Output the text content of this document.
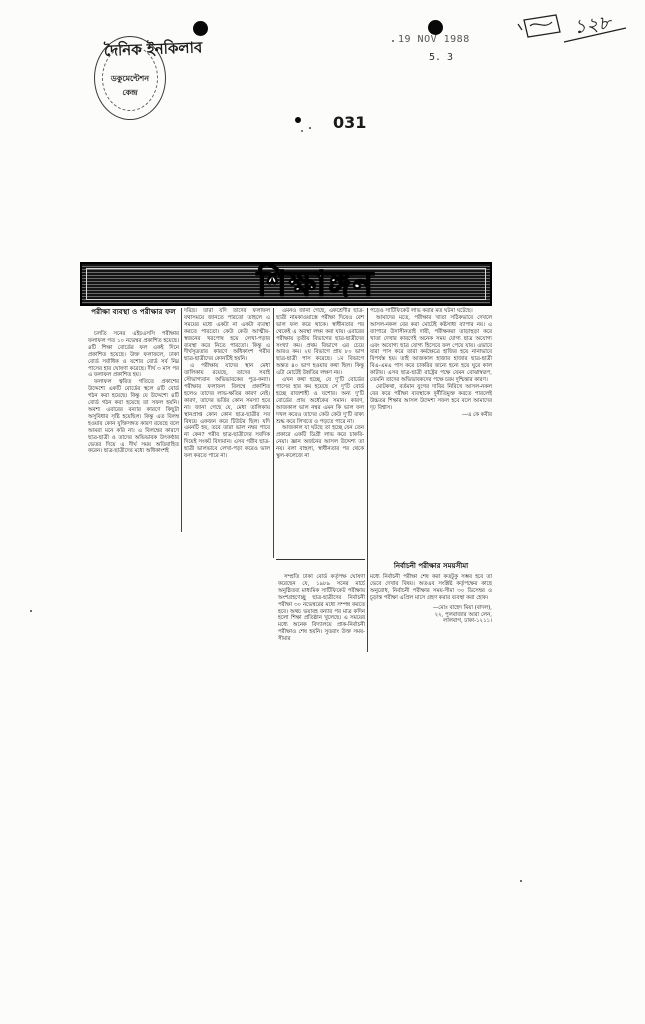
ডকুমেন্টেশন
কেন্দ্র
দৈনিক ইনকিলাব	19 NOV 1988
5. 3
031
১২৮
শিক্ষাঙ্গন
পরীক্ষা ব্যবস্থা ও পরীক্ষার ফল

চলতি সনের এইচএসসি পরীক্ষার ফলাফল গত ১০ নভেম্বর প্রকাশিত হয়েছে। ৪টি শিক্ষা বোর্ডের ফল একই দিনে প্রকাশিত হয়েছে। উক্ত ফলাফলে, ঢাকা বোর্ড সর্বাধিক ও যশোর বোর্ড সর্ব নিম্ন পাসের হার ঘোষণা করেছে। দীর্ঘ ৩ মাস পর এ ফলাফল প্রকাশিত হয়।

ফলাফল ত্বরিত গতিতে প্রকাশের উদ্দেশ্যে একটি বোর্ডের স্থলে ৪টি বোর্ড গঠন করা হয়েছে। কিন্তু যে উদ্দেশ্যে ৪টি বোর্ড গঠন করা হয়েছে তা সফল হয়নি। অবশ্য এবারের বন্যার কারণে কিছুটা অসুবিধার সৃষ্টি হয়েছিল। কিন্তু এত বিলম্ব হওয়ার কোন যুক্তিসঙ্গত কারণ রয়েছে বলে আমরা মনে করি না। এ বিলম্বের কারণে ছাত্র-ছাত্রী ও তাদের অভিভাবক উৎকণ্ঠার ভেতর দিয়ে এ দীর্ঘ সময় অতিবাহিত করেন। ছাত্র-ছাত্রীদের মধ্যে অধিকাংশই

দরিদ্র। তারা যদি তাদের ফলাফল যথাসময়ে জানতে পারতো তাহলে এ সময়ের মধ্যে একটা না একটা ব্যবস্থা করতে পারতো। কেউ কেউ আত্মীয়-স্বজনের খরপোষ হয়ে লেখা-পড়ার ব্যবস্থা করে নিতে পারতো। কিন্তু এ দীর্ঘসূত্রতার কারণে অধিকাংশ গরীব ছাত্র-ছাত্রীদের কোনটিই হয়নি।

এ পরীক্ষায় যাদের স্থান মেধা তালিকায় রয়েছে, তাদের সবাই সৌভাগ্যবান অভিভাবকের পুত্র-কন্যা। পরীক্ষার ফলাফল বিলম্বে প্রকাশিত হলেও তাদের লাভ-ক্ষতির কারণ নেই। কারণ, তাদের ভর্তির কোন সমস্যা হবে না। জানা গেছে যে, মেধা তালিকায় স্থানপ্রাপ্ত কোন কোন ছাত্র-ছাত্রীর সব বিষয়ে একজন করে টিউটর ছিল। যদি এমনটি হয়, তবে তারা ভাল নম্বর পাবে না কেন? গরীব ছাত্র-ছাত্রীদের সবদিক দিয়েই সংকট বিদ্যমান। এসব গরীব ছাত্র-ছাত্রী ভালভাবে লেখা-পড়া করেও ভাল ফল করতে পারে না।

এমনও জানা গেছে, একশ্রেণীর ছাত্র-ছাত্রী নামকাওয়াস্তে পরীক্ষা দিয়েও বেশ ভাল ফল করে থাকে। স্বাধীনতার পর থেকেই এ অবস্থা লক্ষ্য করা যায়। এবারের পরীক্ষায় তৃতীয় বিভাগের ছাত্র-ছাত্রীদের সংখ্যা কম। প্রথম বিভাগে এর চেয়ে আরও কম। ২য় বিভাগে প্রায় ৮০ ভাগ ছাত্র-ছাত্রী পাস করেছে। ১ম বিভাগে অন্তত ৪০ ভাগ হওয়ার কথা ছিল। কিন্তু এটা মোটেই উন্নতির লক্ষণ নয়।

এখন কথা হচ্ছে, যে দু'টি বোর্ডের পাসের হার কম হয়েছে সে দু'টি বোর্ড হচ্ছে রাজশাহী ও যশোর। অন্য দু'টি বোর্ডের প্রায় অর্ধেকের সমান। কারণ, আজকাল ভাল নম্বর এমন কি ভাল ফল দখল করেও তাদের কেউ কেউ দু'টি বাক্য শুদ্ধ করে লিখতে ও পড়তে পারে না।

আজকাল যা ঘটছে তা হচ্ছে যেন তেন প্রকারে একটি ডিগ্রী লাভ করে চাকরি-নেয়া। জ্ঞান অর্জনের আসল উদ্দেশ্য তা নয়। বলা বাহুল্য, স্বাধীনতার পর থেকে স্কুল-কলেজে না

পড়েও সার্টিফিকেট লাভ করার মত ঘটনা ঘটেছে।

আমাদের মতে, পরীক্ষার খাতা সঠিকভাবে দেখলে আসল-নকল বের করা মোটেই কষ্টসাধ্য ব্যাপার নয়। এ ব্যাপারে উদাসীনতাই দায়ী, পরীক্ষকরা তাড়াহুড়া করে খাতা দেখার কারণেই অনেক সময় যোগ্য ছাত্র অযোগ্য এবং অযোগ্য ছাত্র যোগ্য হিসেবে ফল পেয়ে যায়। এভাবে যারা পাস করে তারা কর্মক্ষেত্রে হাজির হয়ে নানাভাবে বিপর্যস্ত হয়। তাই আজকাল হাজার হাজার ছাত্র-ছাত্রী বিএ-এমএ পাস করে চাকরির জন্যে হন্যে হয়ে ঘুরে কাল কাটায়। এসব ছাত্র-ছাত্রী রাষ্ট্রের পক্ষে যেমন বোঝাস্বরূপ, তেমনি তাদের অভিভাবকদের পক্ষে চরম দুশ্চিন্তার কারণ।

মোটকথা, বর্তমান যুগের দাবির নিরিখে আসল-নকল বের করে পরীক্ষা ব্যবস্থাকে দুর্নীতিমুক্ত করতে পারলেই উচ্চতর শিক্ষার আসল উদ্দেশ্য সফল হবে বলে আমাদের দৃঢ় বিশ্বাস।

—এ কে কবীর
নির্বাচনী পরীক্ষার সময়সীমা

সম্প্রতি ঢাকা বোর্ড কর্তৃপক্ষ ঘোষণা করেছেন যে, ১৯৮৯ সনের মার্চে অনুষ্ঠিতব্য মাধ্যমিক সার্টিফিকেট পরীক্ষায় অংশগ্রহণেচ্ছু ছাত্র-ছাত্রীদের নির্বাচনী পরীক্ষা ৩০ নভেম্বরের মধ্যে সম্পন্ন করতে হবে। অথচ ভয়াবহ বন্যার পর মাত্র কদিন হলো শিক্ষা প্রতিষ্ঠান খুলেছে। এ সময়ের মধ্যে অনেক বিদ্যালয়ে প্রাক-নির্বাচনী পরীক্ষাও শেষ হয়নি। সুতরাং উক্ত সময়-সীমার

মধ্যে নির্বাচনী পরীক্ষা শেষ করা কতটুকু সম্ভব হবে তা ভেবে দেখার বিষয়। অতএব সংশ্লিষ্ট কর্তৃপক্ষের কাছে অনুরোধ, নির্বাচনী পরীক্ষার সময়-সীমা ৩০ ডিসেম্বর ও চূড়ান্ত পরীক্ষা এপ্রিল মাসে গ্রহণ করার ব্যবস্থা করা হোক।

—মোঃ বাহেদ মিয়া (বাদল),
২২, পুলবাজার আরা লেন,
লালবাগ, ঢাকা-১২১১।
